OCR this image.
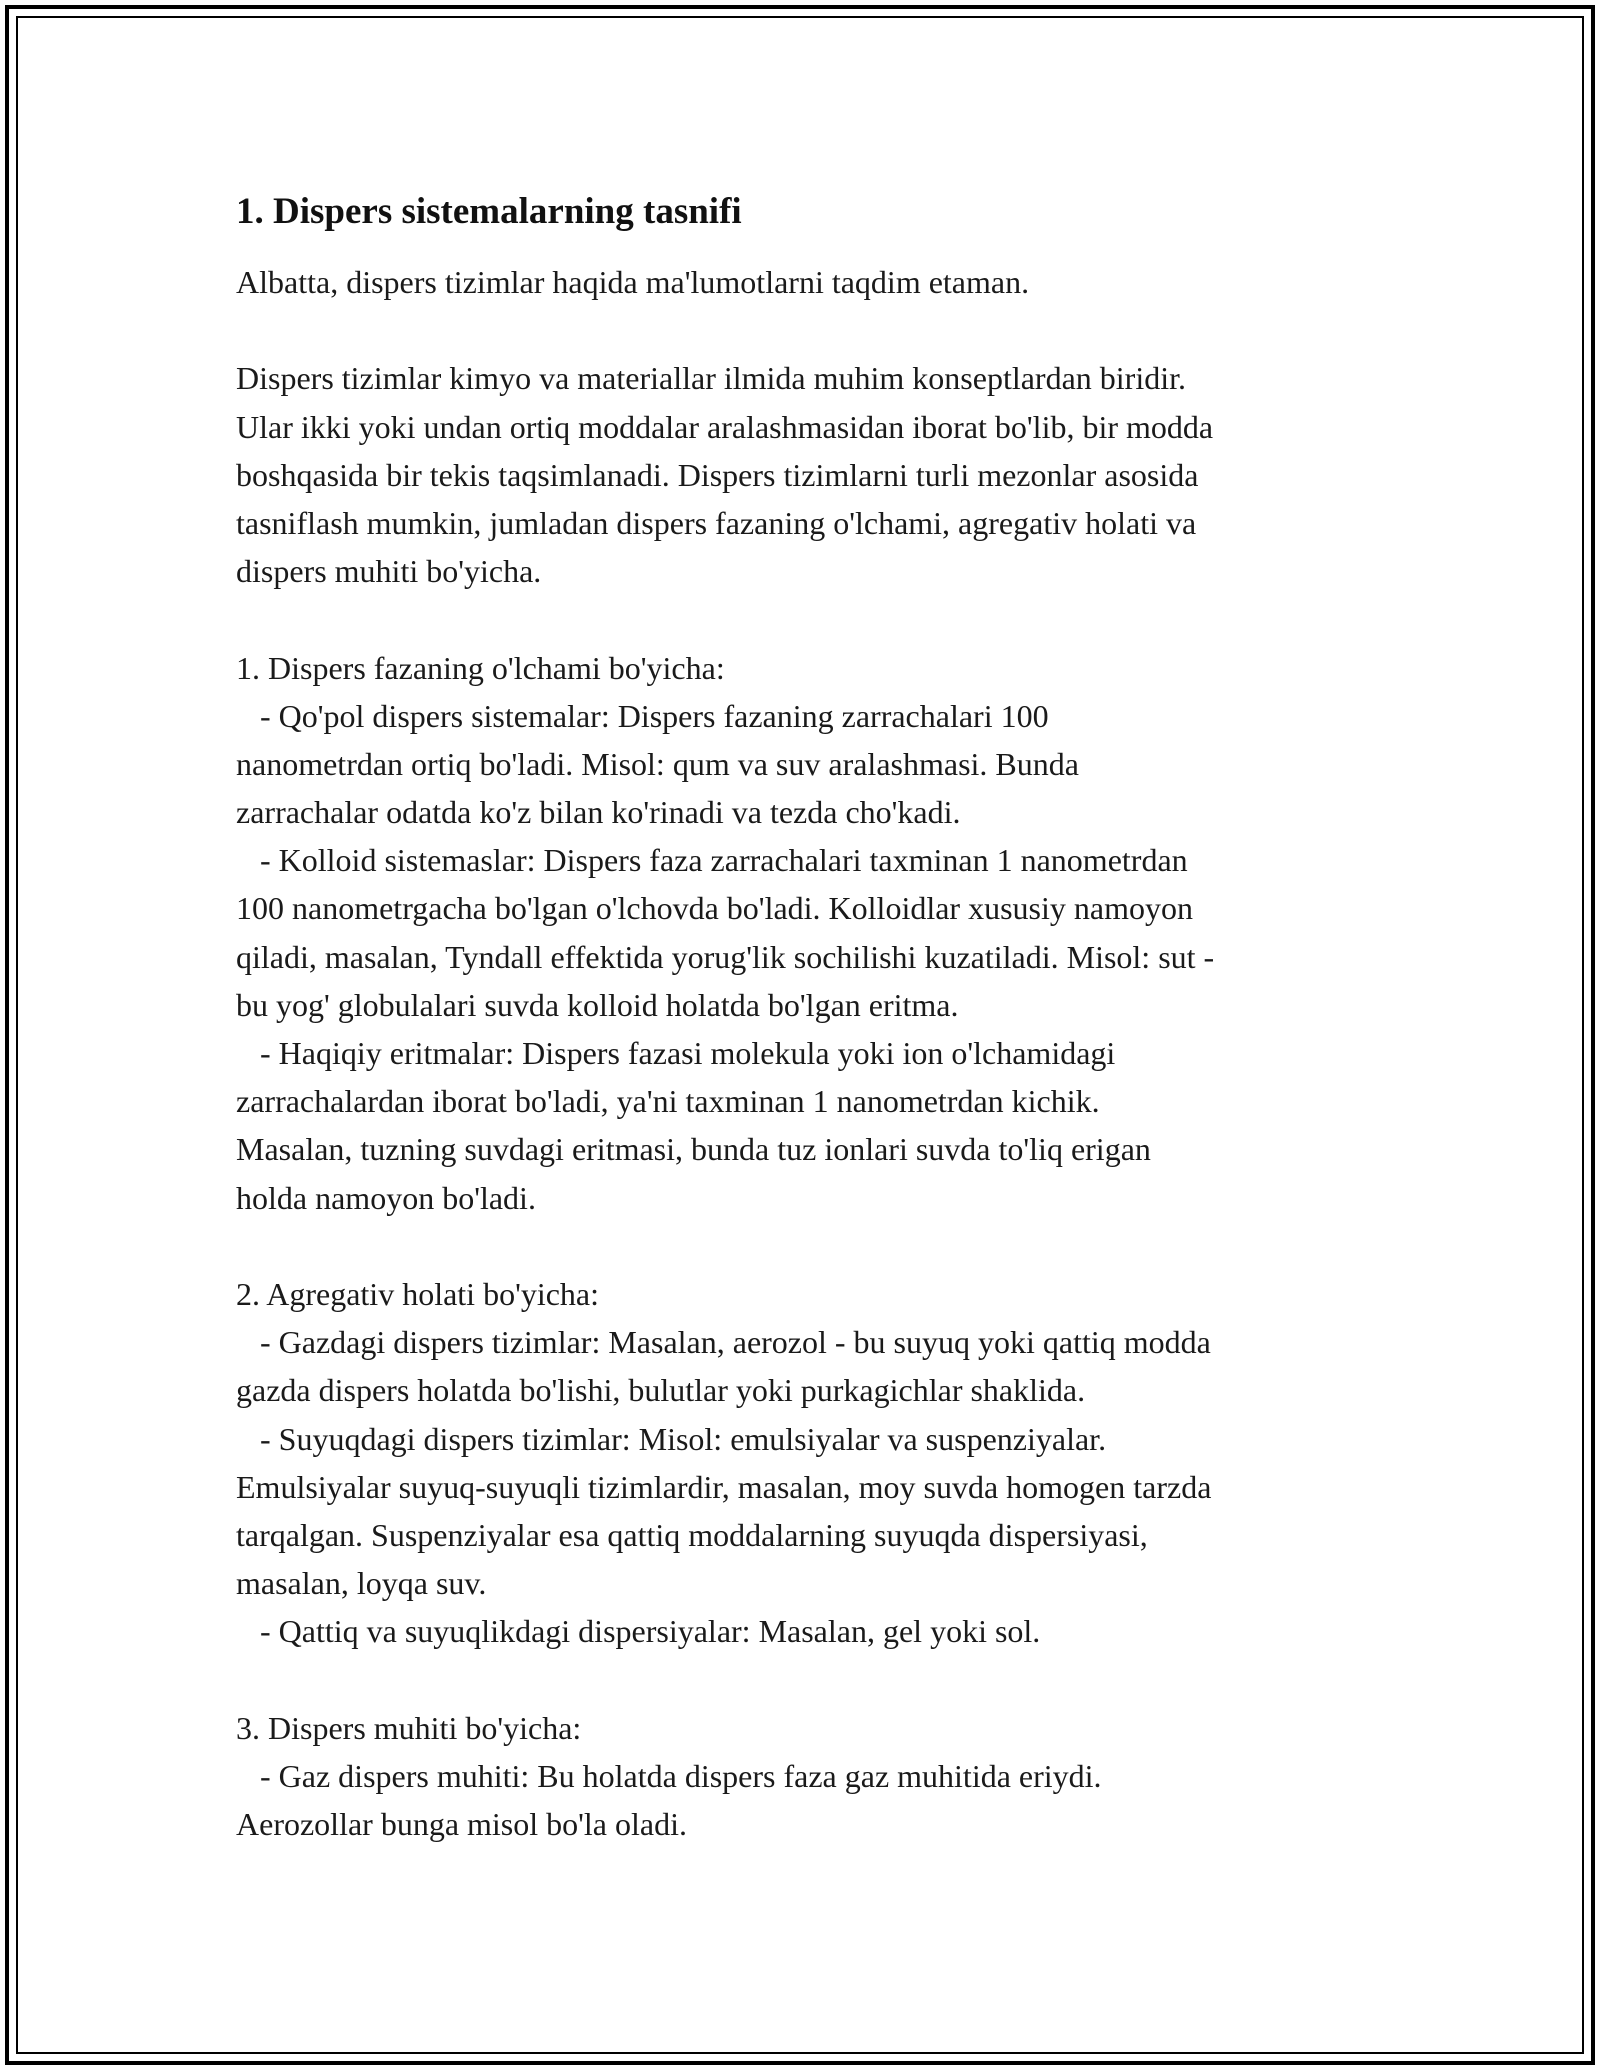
1. Dispers sistemalarning tasnifi
Albatta, dispers tizimlar haqida ma'lumotlarni taqdim etaman.
Dispers tizimlar kimyo va materiallar ilmida muhim konseptlardan biridir.
Ular ikki yoki undan ortiq moddalar aralashmasidan iborat bo'lib, bir modda
boshqasida bir tekis taqsimlanadi. Dispers tizimlarni turli mezonlar asosida
tasniflash mumkin, jumladan dispers fazaning o'lchami, agregativ holati va
dispers muhiti bo'yicha.
1. Dispers fazaning o'lchami bo'yicha:
- Qo'pol dispers sistemalar: Dispers fazaning zarrachalari 100
nanometrdan ortiq bo'ladi. Misol: qum va suv aralashmasi. Bunda
zarrachalar odatda ko'z bilan ko'rinadi va tezda cho'kadi.
- Kolloid sistemaslar: Dispers faza zarrachalari taxminan 1 nanometrdan
100 nanometrgacha bo'lgan o'lchovda bo'ladi. Kolloidlar xususiy namoyon
qiladi, masalan, Tyndall effektida yorug'lik sochilishi kuzatiladi. Misol: sut -
bu yog' globulalari suvda kolloid holatda bo'lgan eritma.
- Haqiqiy eritmalar: Dispers fazasi molekula yoki ion o'lchamidagi
zarrachalardan iborat bo'ladi, ya'ni taxminan 1 nanometrdan kichik.
Masalan, tuzning suvdagi eritmasi, bunda tuz ionlari suvda to'liq erigan
holda namoyon bo'ladi.
2. Agregativ holati bo'yicha:
- Gazdagi dispers tizimlar: Masalan, aerozol - bu suyuq yoki qattiq modda
gazda dispers holatda bo'lishi, bulutlar yoki purkagichlar shaklida.
- Suyuqdagi dispers tizimlar: Misol: emulsiyalar va suspenziyalar.
Emulsiyalar suyuq-suyuqli tizimlardir, masalan, moy suvda homogen tarzda
tarqalgan. Suspenziyalar esa qattiq moddalarning suyuqda dispersiyasi,
masalan, loyqa suv.
- Qattiq va suyuqlikdagi dispersiyalar: Masalan, gel yoki sol.
3. Dispers muhiti bo'yicha:
- Gaz dispers muhiti: Bu holatda dispers faza gaz muhitida eriydi.
Aerozollar bunga misol bo'la oladi.
